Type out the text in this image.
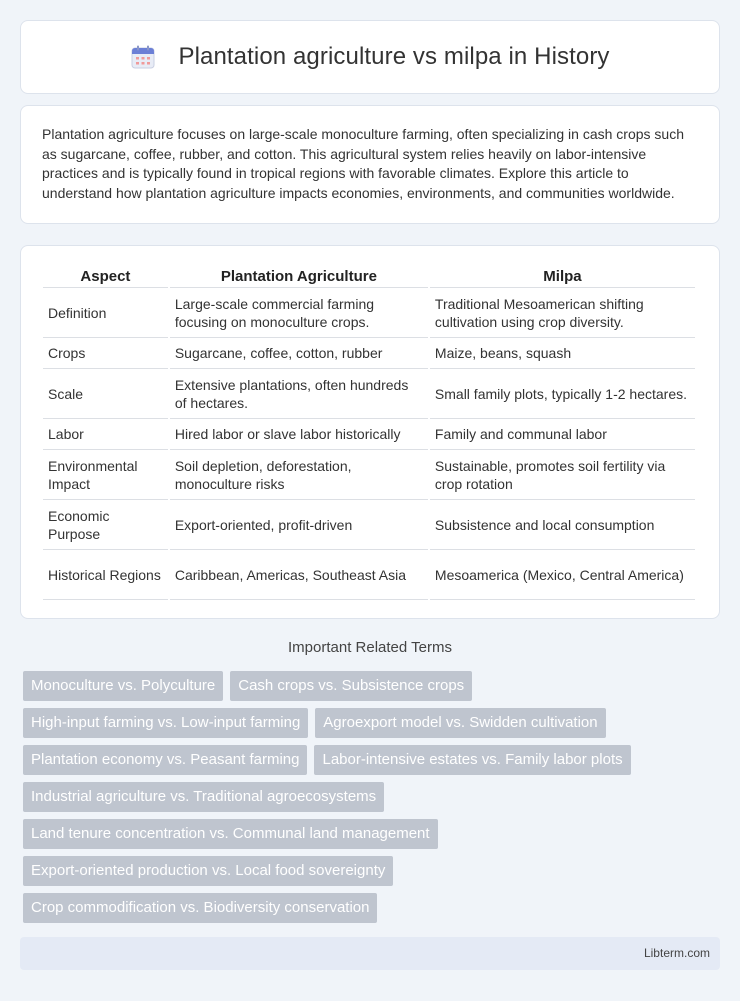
Plantation agriculture vs milpa in History

Plantation agriculture focuses on large-scale monoculture farming, often specializing in cash crops such as sugarcane, coffee, rubber, and cotton. This agricultural system relies heavily on labor-intensive practices and is typically found in tropical regions with favorable climates. Explore this article to understand how plantation agriculture impacts economies, environments, and communities worldwide.

Aspect	Plantation Agriculture	Milpa
Definition	Large-scale commercial farming focusing on monoculture crops.	Traditional Mesoamerican shifting cultivation using crop diversity.
Crops	Sugarcane, coffee, cotton, rubber	Maize, beans, squash
Scale	Extensive plantations, often hundreds of hectares.	Small family plots, typically 1-2 hectares.
Labor	Hired labor or slave labor historically	Family and communal labor
Environmental Impact	Soil depletion, deforestation, monoculture risks	Sustainable, promotes soil fertility via crop rotation
Economic Purpose	Export-oriented, profit-driven	Subsistence and local consumption
Historical Regions	Caribbean, Americas, Southeast Asia	Mesoamerica (Mexico, Central America)
Important Related Terms
Monoculture vs. Polyculture	Cash crops vs. Subsistence crops
High-input farming vs. Low-input farming	Agroexport model vs. Swidden cultivation
Plantation economy vs. Peasant farming	Labor-intensive estates vs. Family labor plots
Industrial agriculture vs. Traditional agroecosystems
Land tenure concentration vs. Communal land management
Export-oriented production vs. Local food sovereignty
Crop commodification vs. Biodiversity conservation
Libterm.com
